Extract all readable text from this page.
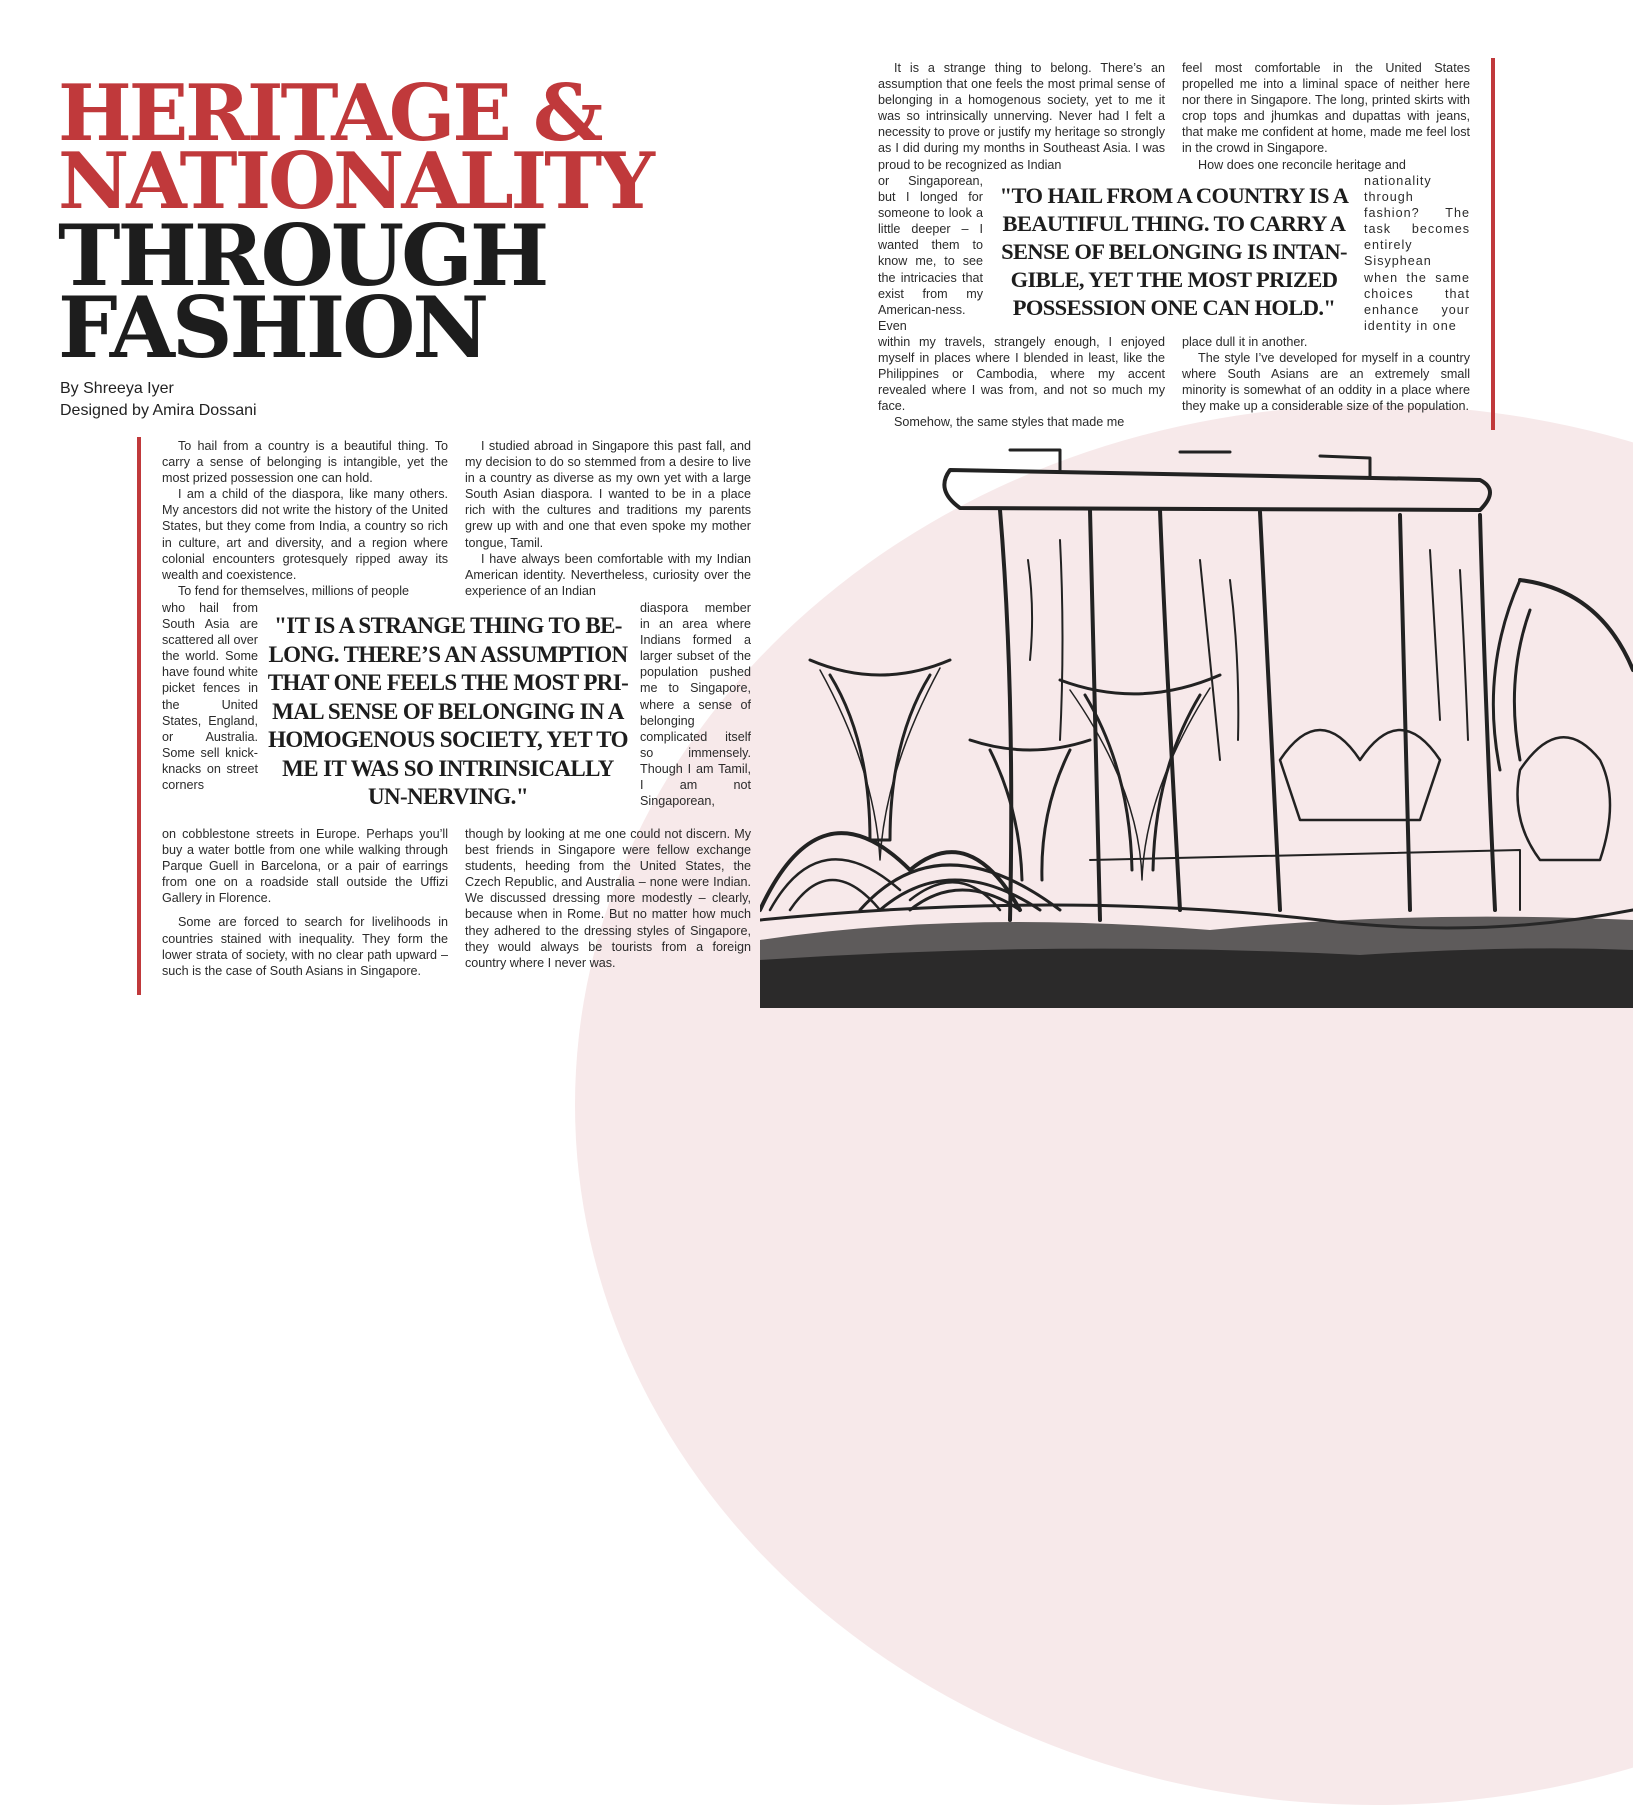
HERITAGE &
NATIONALITY
THROUGH
FASHION
By Shreeya Iyer
Designed by Amira Dossani

To hail from a country is a beautiful thing. To carry a sense of belonging is intangible, yet the most prized possession one can hold.

I am a child of the diaspora, like many others. My ancestors did not write the history of the United States, but they come from India, a country so rich in culture, art and diversity, and a region where colonial encounters grotesquely ripped away its wealth and coexistence.

To fend for themselves, millions of people

who hail from South Asia are scattered all over the world. Some have found white picket fences in the United States, England, or Australia. Some sell knick-knacks on street corners

on cobblestone streets in Europe. Perhaps you’ll buy a water bottle from one while walking through Parque Guell in Barcelona, or a pair of earrings from one on a roadside stall outside the Uffizi Gallery in Florence.

Some are forced to search for livelihoods in countries stained with inequality. They form the lower strata of society, with no clear path upward – such is the case of South Asians in Singapore.

I studied abroad in Singapore this past fall, and my decision to do so stemmed from a desire to live in a country as diverse as my own yet with a large South Asian diaspora. I wanted to be in a place rich with the cultures and traditions my parents grew up with and one that even spoke my mother tongue, Tamil.

I have always been comfortable with my Indian American identity. Nevertheless, curiosity over the experience of an Indian

diaspora member in an area where Indians formed a larger subset of the population pushed me to Singapore, where a sense of belonging complicated itself so immensely. Though I am Tamil, I am not Singaporean,

though by looking at me one could not discern. My best friends in Singapore were fellow exchange students, heeding from the United States, the Czech Republic, and Australia – none were Indian. We discussed dressing more modestly – clearly, because when in Rome. But no matter how much they adhered to the dressing styles of Singapore, they would always be tourists from a foreign country where I never was.

"IT IS A STRANGE THING TO BE-LONG. THERE’S AN ASSUMPTION THAT ONE FEELS THE MOST PRI-MAL SENSE OF BELONGING IN A HOMOGENOUS SOCIETY, YET TO ME IT WAS SO INTRINSICALLY UN-NERVING."

It is a strange thing to belong. There’s an assumption that one feels the most primal sense of belonging in a homogenous society, yet to me it was so intrinsically unnerving. Never had I felt a necessity to prove or justify my heritage so strongly as I did during my months in Southeast Asia. I was proud to be recognized as Indian

or Singaporean, but I longed for someone to look a little deeper – I wanted them to know me, to see the intricacies that exist from my American-ness. Even

within my travels, strangely enough, I enjoyed myself in places where I blended in least, like the Philippines or Cambodia, where my accent revealed where I was from, and not so much my face.

Somehow, the same styles that made me

feel most comfortable in the United States propelled me into a liminal space of neither here nor there in Singapore. The long, printed skirts with crop tops and jhumkas and dupattas with jeans, that make me confident at home, made me feel lost in the crowd in Singapore.

How does one reconcile heritage and

nationality through fashion? The task becomes entirely Sisyphean when the same choices that enhance your identity in one

place dull it in another.

The style I’ve developed for myself in a country where South Asians are an extremely small minority is somewhat of an oddity in a place where they make up a considerable size of the population.

"TO HAIL FROM A COUNTRY IS A BEAUTIFUL THING. TO CARRY A SENSE OF BELONGING IS INTAN-GIBLE, YET THE MOST PRIZED POSSESSION ONE CAN HOLD."
